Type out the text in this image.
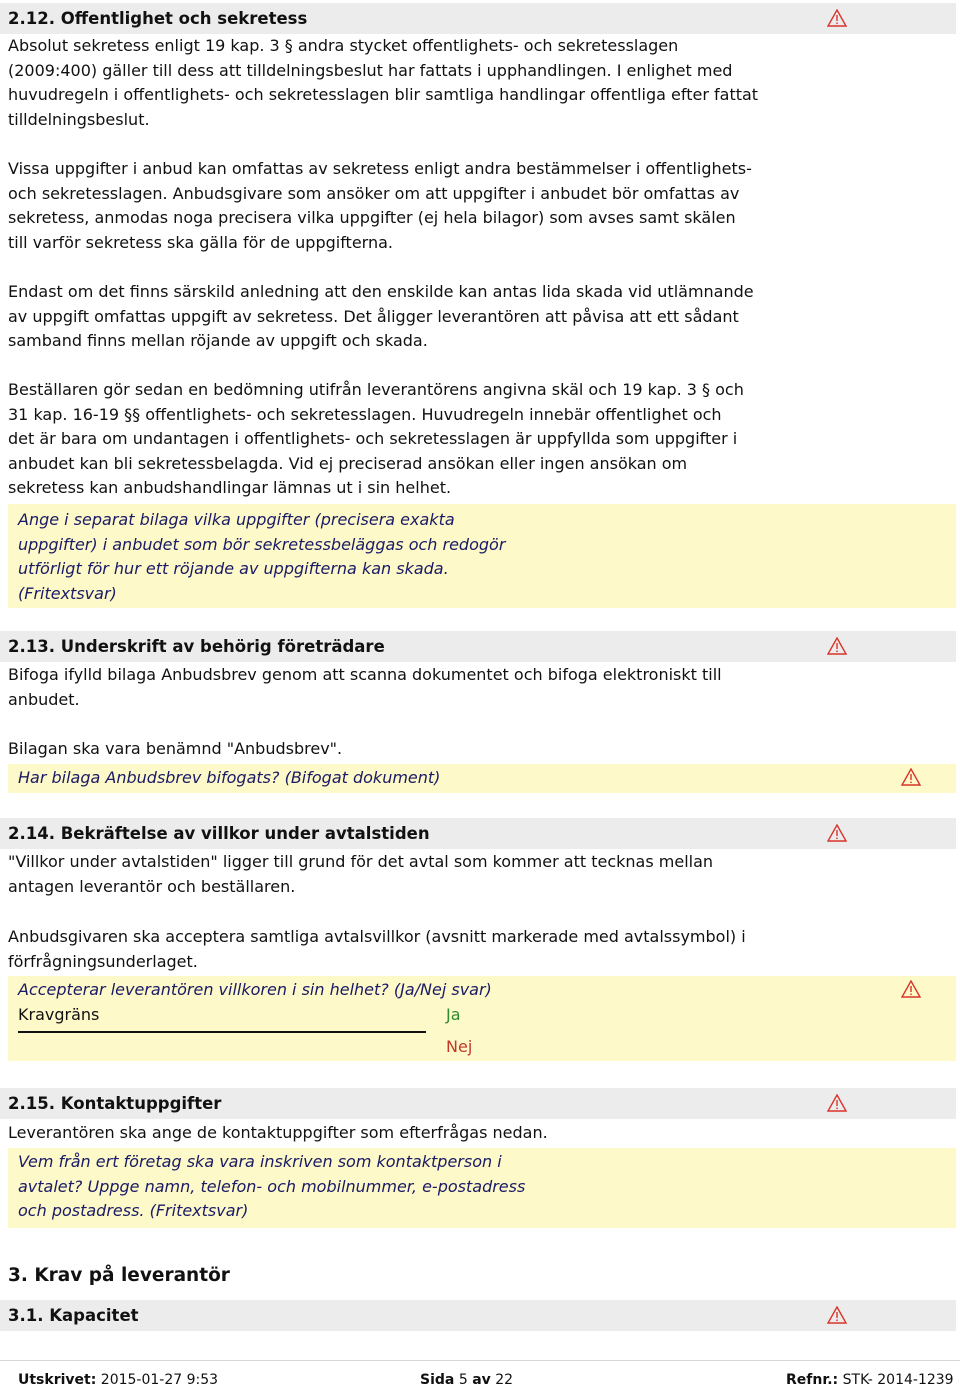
2.12. Offentlighet och sekretess

Absolut sekretess enligt 19 kap. 3 § andra stycket offentlighets- och sekretesslagen
(2009:400) gäller till dess att tilldelningsbeslut har fattats i upphandlingen. I enlighet med
huvudregeln i offentlighets- och sekretesslagen blir samtliga handlingar offentliga efter fattat
tilldelningsbeslut.

Vissa uppgifter i anbud kan omfattas av sekretess enligt andra bestämmelser i offentlighets-
och sekretesslagen. Anbudsgivare som ansöker om att uppgifter i anbudet bör omfattas av
sekretess, anmodas noga precisera vilka uppgifter (ej hela bilagor) som avses samt skälen
till varför sekretess ska gälla för de uppgifterna.

Endast om det finns särskild anledning att den enskilde kan antas lida skada vid utlämnande
av uppgift omfattas uppgift av sekretess. Det åligger leverantören att påvisa att ett sådant
samband finns mellan röjande av uppgift och skada.

Beställaren gör sedan en bedömning utifrån leverantörens angivna skäl och 19 kap. 3 § och
31 kap. 16-19 §§ offentlighets- och sekretesslagen. Huvudregeln innebär offentlighet och
det är bara om undantagen i offentlighets- och sekretesslagen är uppfyllda som uppgifter i
anbudet kan bli sekretessbelagda. Vid ej preciserad ansökan eller ingen ansökan om
sekretess kan anbudshandlingar lämnas ut i sin helhet.

Ange i separat bilaga vilka uppgifter (precisera exakta
uppgifter) i anbudet som bör sekretessbeläggas och redogör
utförligt för hur ett röjande av uppgifterna kan skada.
(Fritextsvar)

2.13. Underskrift av behörig företrädare

Bifoga ifylld bilaga Anbudsbrev genom att scanna dokumentet och bifoga elektroniskt till
anbudet.

Bilagan ska vara benämnd "Anbudsbrev".

Har bilaga Anbudsbrev bifogats? (Bifogat dokument)

2.14. Bekräftelse av villkor under avtalstiden

"Villkor under avtalstiden" ligger till grund för det avtal som kommer att tecknas mellan
antagen leverantör och beställaren.

Anbudsgivaren ska acceptera samtliga avtalsvillkor (avsnitt markerade med avtalssymbol) i
förfrågningsunderlaget.

Accepterar leverantören villkoren i sin helhet? (Ja/Nej svar)

Kravgräns	Ja
Nej
2.15. Kontaktuppgifter

Leverantören ska ange de kontaktuppgifter som efterfrågas nedan.

Vem från ert företag ska vara inskriven som kontaktperson i
avtalet? Uppge namn, telefon- och mobilnummer, e-postadress
och postadress. (Fritextsvar)

3. Krav på leverantör
3.1. Kapacitet
Utskrivet: 2015-01-27 9:53	Sida 5 av 22	Refnr.: STK- 2014-1239
